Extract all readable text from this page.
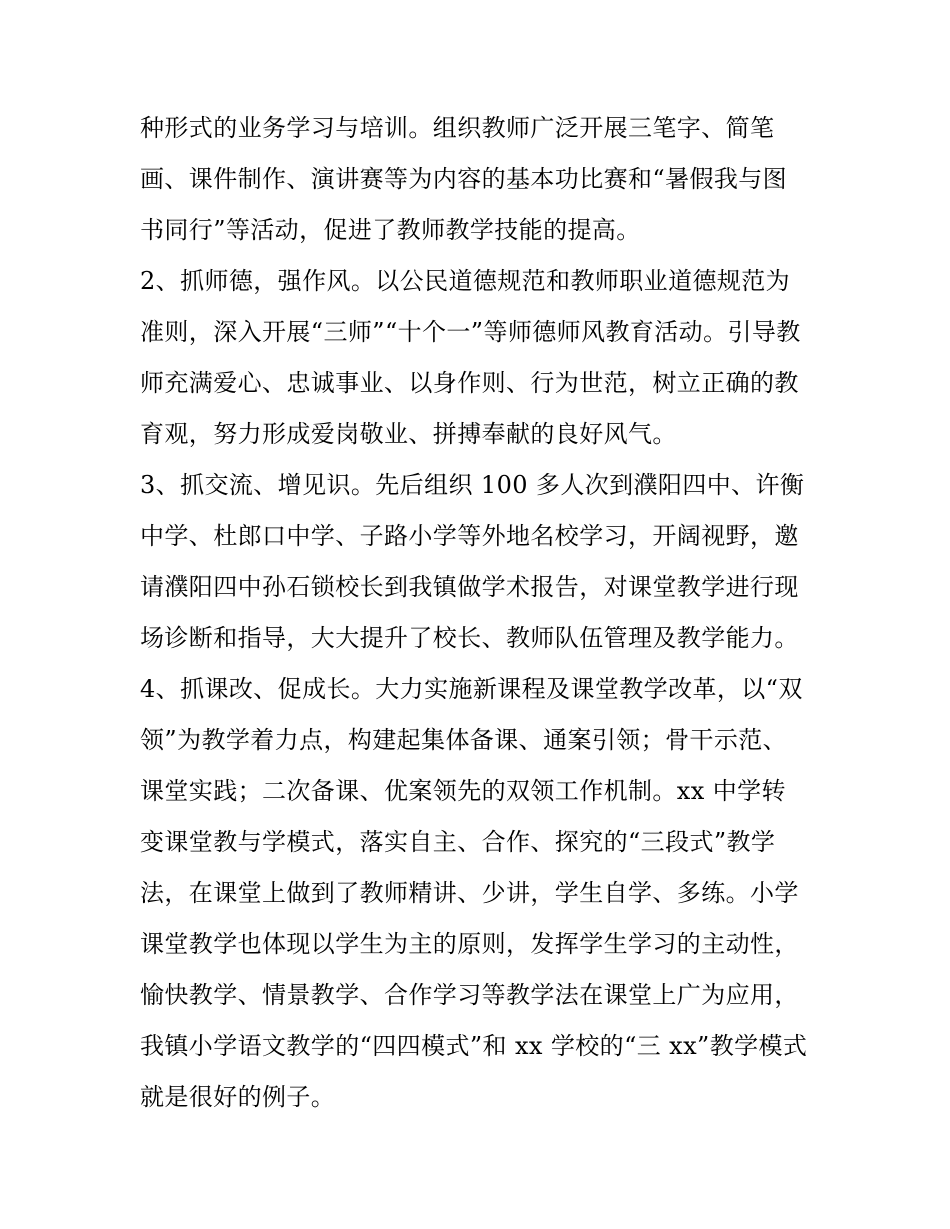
种形式的业务学习与培训。组织教师广泛开展三笔字、简笔
画、课件制作、演讲赛等为内容的基本功比赛和“暑假我与图
书同行”等活动，促进了教师教学技能的提高。
2、抓师德，强作风。以公民道德规范和教师职业道德规范为
准则，深入开展“三师”“十个一”等师德师风教育活动。引导教
师充满爱心、忠诚事业、以身作则、行为世范，树立正确的教
育观，努力形成爱岗敬业、拼搏奉献的良好风气。
3、抓交流、增见识。先后组织 100 多人次到濮阳四中、许衡
中学、杜郎口中学、子路小学等外地名校学习，开阔视野，邀
请濮阳四中孙石锁校长到我镇做学术报告，对课堂教学进行现
场诊断和指导，大大提升了校长、教师队伍管理及教学能力。
4、抓课改、促成长。大力实施新课程及课堂教学改革，以“双
领”为教学着力点，构建起集体备课、通案引领；骨干示范、
课堂实践；二次备课、优案领先的双领工作机制。xx 中学转
变课堂教与学模式，落实自主、合作、探究的“三段式”教学
法，在课堂上做到了教师精讲、少讲，学生自学、多练。小学
课堂教学也体现以学生为主的原则，发挥学生学习的主动性，
愉快教学、情景教学、合作学习等教学法在课堂上广为应用，
我镇小学语文教学的“四四模式”和 xx 学校的“三 xx”教学模式
就是很好的例子。
